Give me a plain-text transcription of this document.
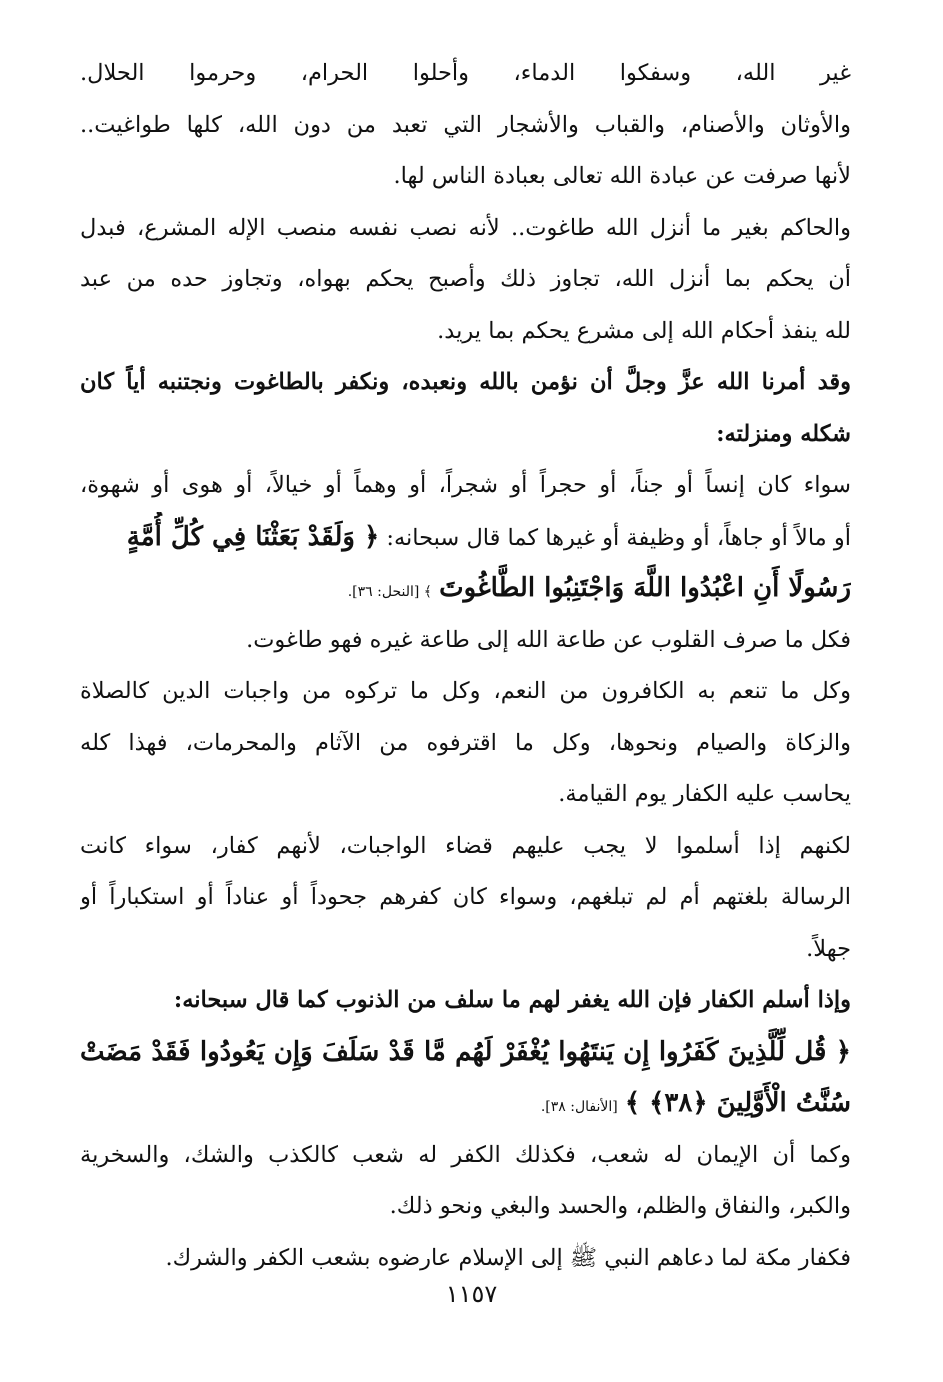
غير الله، وسفكوا الدماء، وأحلوا الحرام، وحرموا الحلال.
والأوثان والأصنام، والقباب والأشجار التي تعبد من دون الله، كلها طواغيت..
لأنها صرفت عن عبادة الله تعالى بعبادة الناس لها.
والحاكم بغير ما أنزل الله طاغوت.. لأنه نصب نفسه منصب الإله المشرع، فبدل
أن يحكم بما أنزل الله، تجاوز ذلك وأصبح يحكم بهواه، وتجاوز حده من عبد
لله ينفذ أحكام الله إلى مشرع يحكم بما يريد.
وقد أمرنا الله عزَّ وجلَّ أن نؤمن بالله ونعبده، ونكفر بالطاغوت ونجتنبه أياً كان
شكله ومنزلته:
سواء كان إنساً أو جناً، أو حجراً أو شجراً، أو وهماً أو خيالاً، أو هوى أو شهوة،
أو مالاً أو جاهاً، أو وظيفة أو غيرها كما قال سبحانه: ﴿ وَلَقَدْ بَعَثْنَا فِي كُلِّ أُمَّةٍ
رَسُولًا أَنِ اعْبُدُوا اللَّهَ وَاجْتَنِبُوا الطَّاغُوتَ ﴾ [النحل: ٣٦].
فكل ما صرف القلوب عن طاعة الله إلى طاعة غيره فهو طاغوت.
وكل ما تنعم به الكافرون من النعم، وكل ما تركوه من واجبات الدين كالصلاة
والزكاة والصيام ونحوها، وكل ما اقترفوه من الآثام والمحرمات، فهذا كله
يحاسب عليه الكفار يوم القيامة.
لكنهم إذا أسلموا لا يجب عليهم قضاء الواجبات، لأنهم كفار، سواء كانت
الرسالة بلغتهم أم لم تبلغهم، وسواء كان كفرهم جحوداً أو عناداً أو استكباراً أو
جهلاً.
وإذا أسلم الكفار فإن الله يغفر لهم ما سلف من الذنوب كما قال سبحانه:
﴿ قُل لِّلَّذِينَ كَفَرُوا إِن يَنتَهُوا يُغْفَرْ لَهُم مَّا قَدْ سَلَفَ وَإِن يَعُودُوا فَقَدْ مَضَتْ
سُنَّتُ الْأَوَّلِينَ ﴿٣٨﴾ ﴾ [الأنفال: ٣٨].
وكما أن الإيمان له شعب، فكذلك الكفر له شعب كالكذب والشك، والسخرية
والكبر، والنفاق والظلم، والحسد والبغي ونحو ذلك.
فكفار مكة لما دعاهم النبي ﷺ إلى الإسلام عارضوه بشعب الكفر والشرك.
١١٥٧
